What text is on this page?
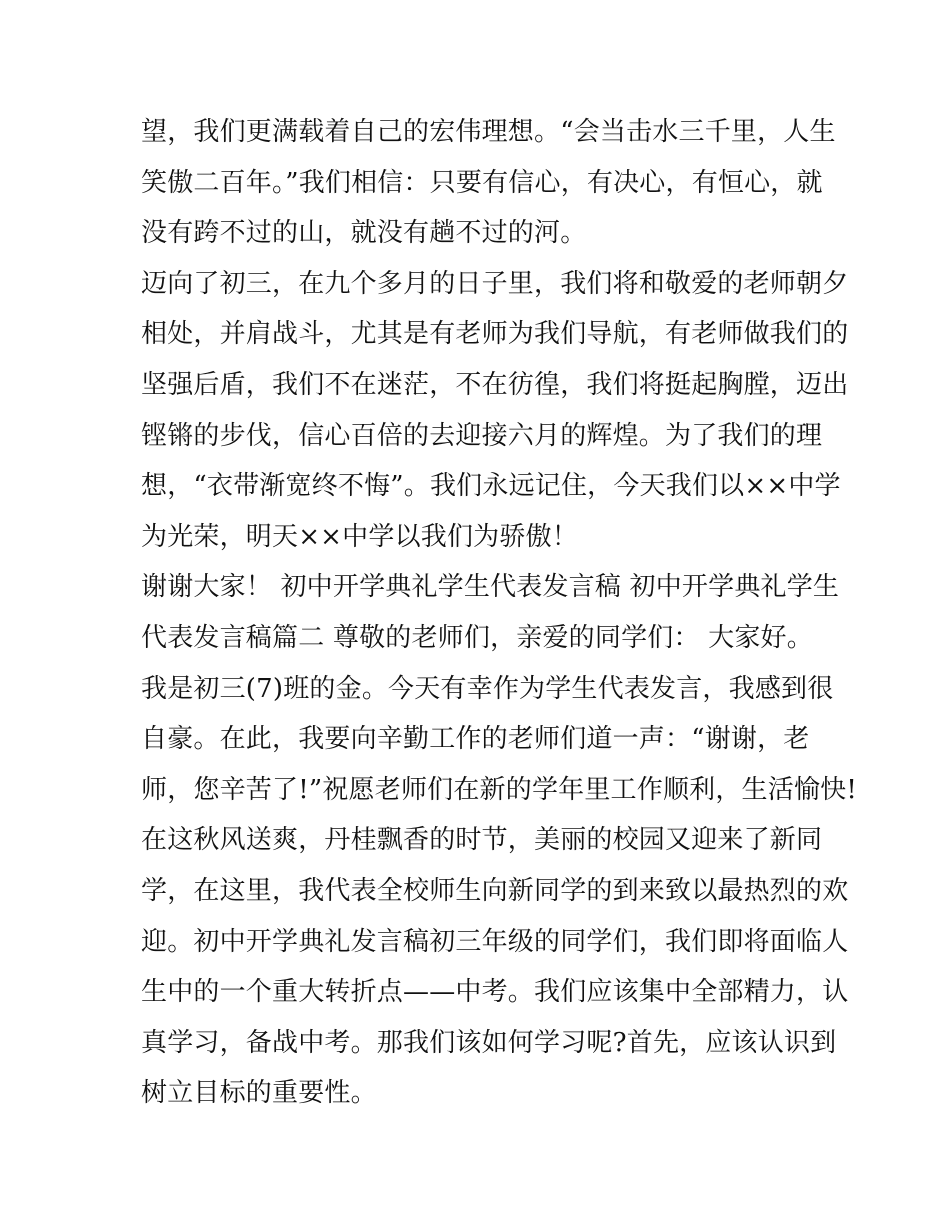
望，我们更满载着自己的宏伟理想。“会当击水三千里，人生
笑傲二百年。”我们相信：只要有信心，有决心，有恒心，就
没有跨不过的山，就没有趟不过的河。
迈向了初三，在九个多月的日子里，我们将和敬爱的老师朝夕
相处，并肩战斗，尤其是有老师为我们导航，有老师做我们的
坚强后盾，我们不在迷茫，不在彷徨，我们将挺起胸膛，迈出
铿锵的步伐，信心百倍的去迎接六月的辉煌。为了我们的理
想，“衣带渐宽终不悔”。我们永远记住，今天我们以××中学
为光荣，明天××中学以我们为骄傲！
谢谢大家！ 初中开学典礼学生代表发言稿 初中开学典礼学生
代表发言稿篇二 尊敬的老师们，亲爱的同学们： 大家好。
我是初三(7)班的金。今天有幸作为学生代表发言，我感到很
自豪。在此，我要向辛勤工作的老师们道一声：“谢谢，老
师，您辛苦了!”祝愿老师们在新的学年里工作顺利，生活愉快!
在这秋风送爽，丹桂飘香的时节，美丽的校园又迎来了新同
学，在这里，我代表全校师生向新同学的到来致以最热烈的欢
迎。初中开学典礼发言稿初三年级的同学们，我们即将面临人
生中的一个重大转折点——中考。我们应该集中全部精力，认
真学习，备战中考。那我们该如何学习呢?首先，应该认识到
树立目标的重要性。
